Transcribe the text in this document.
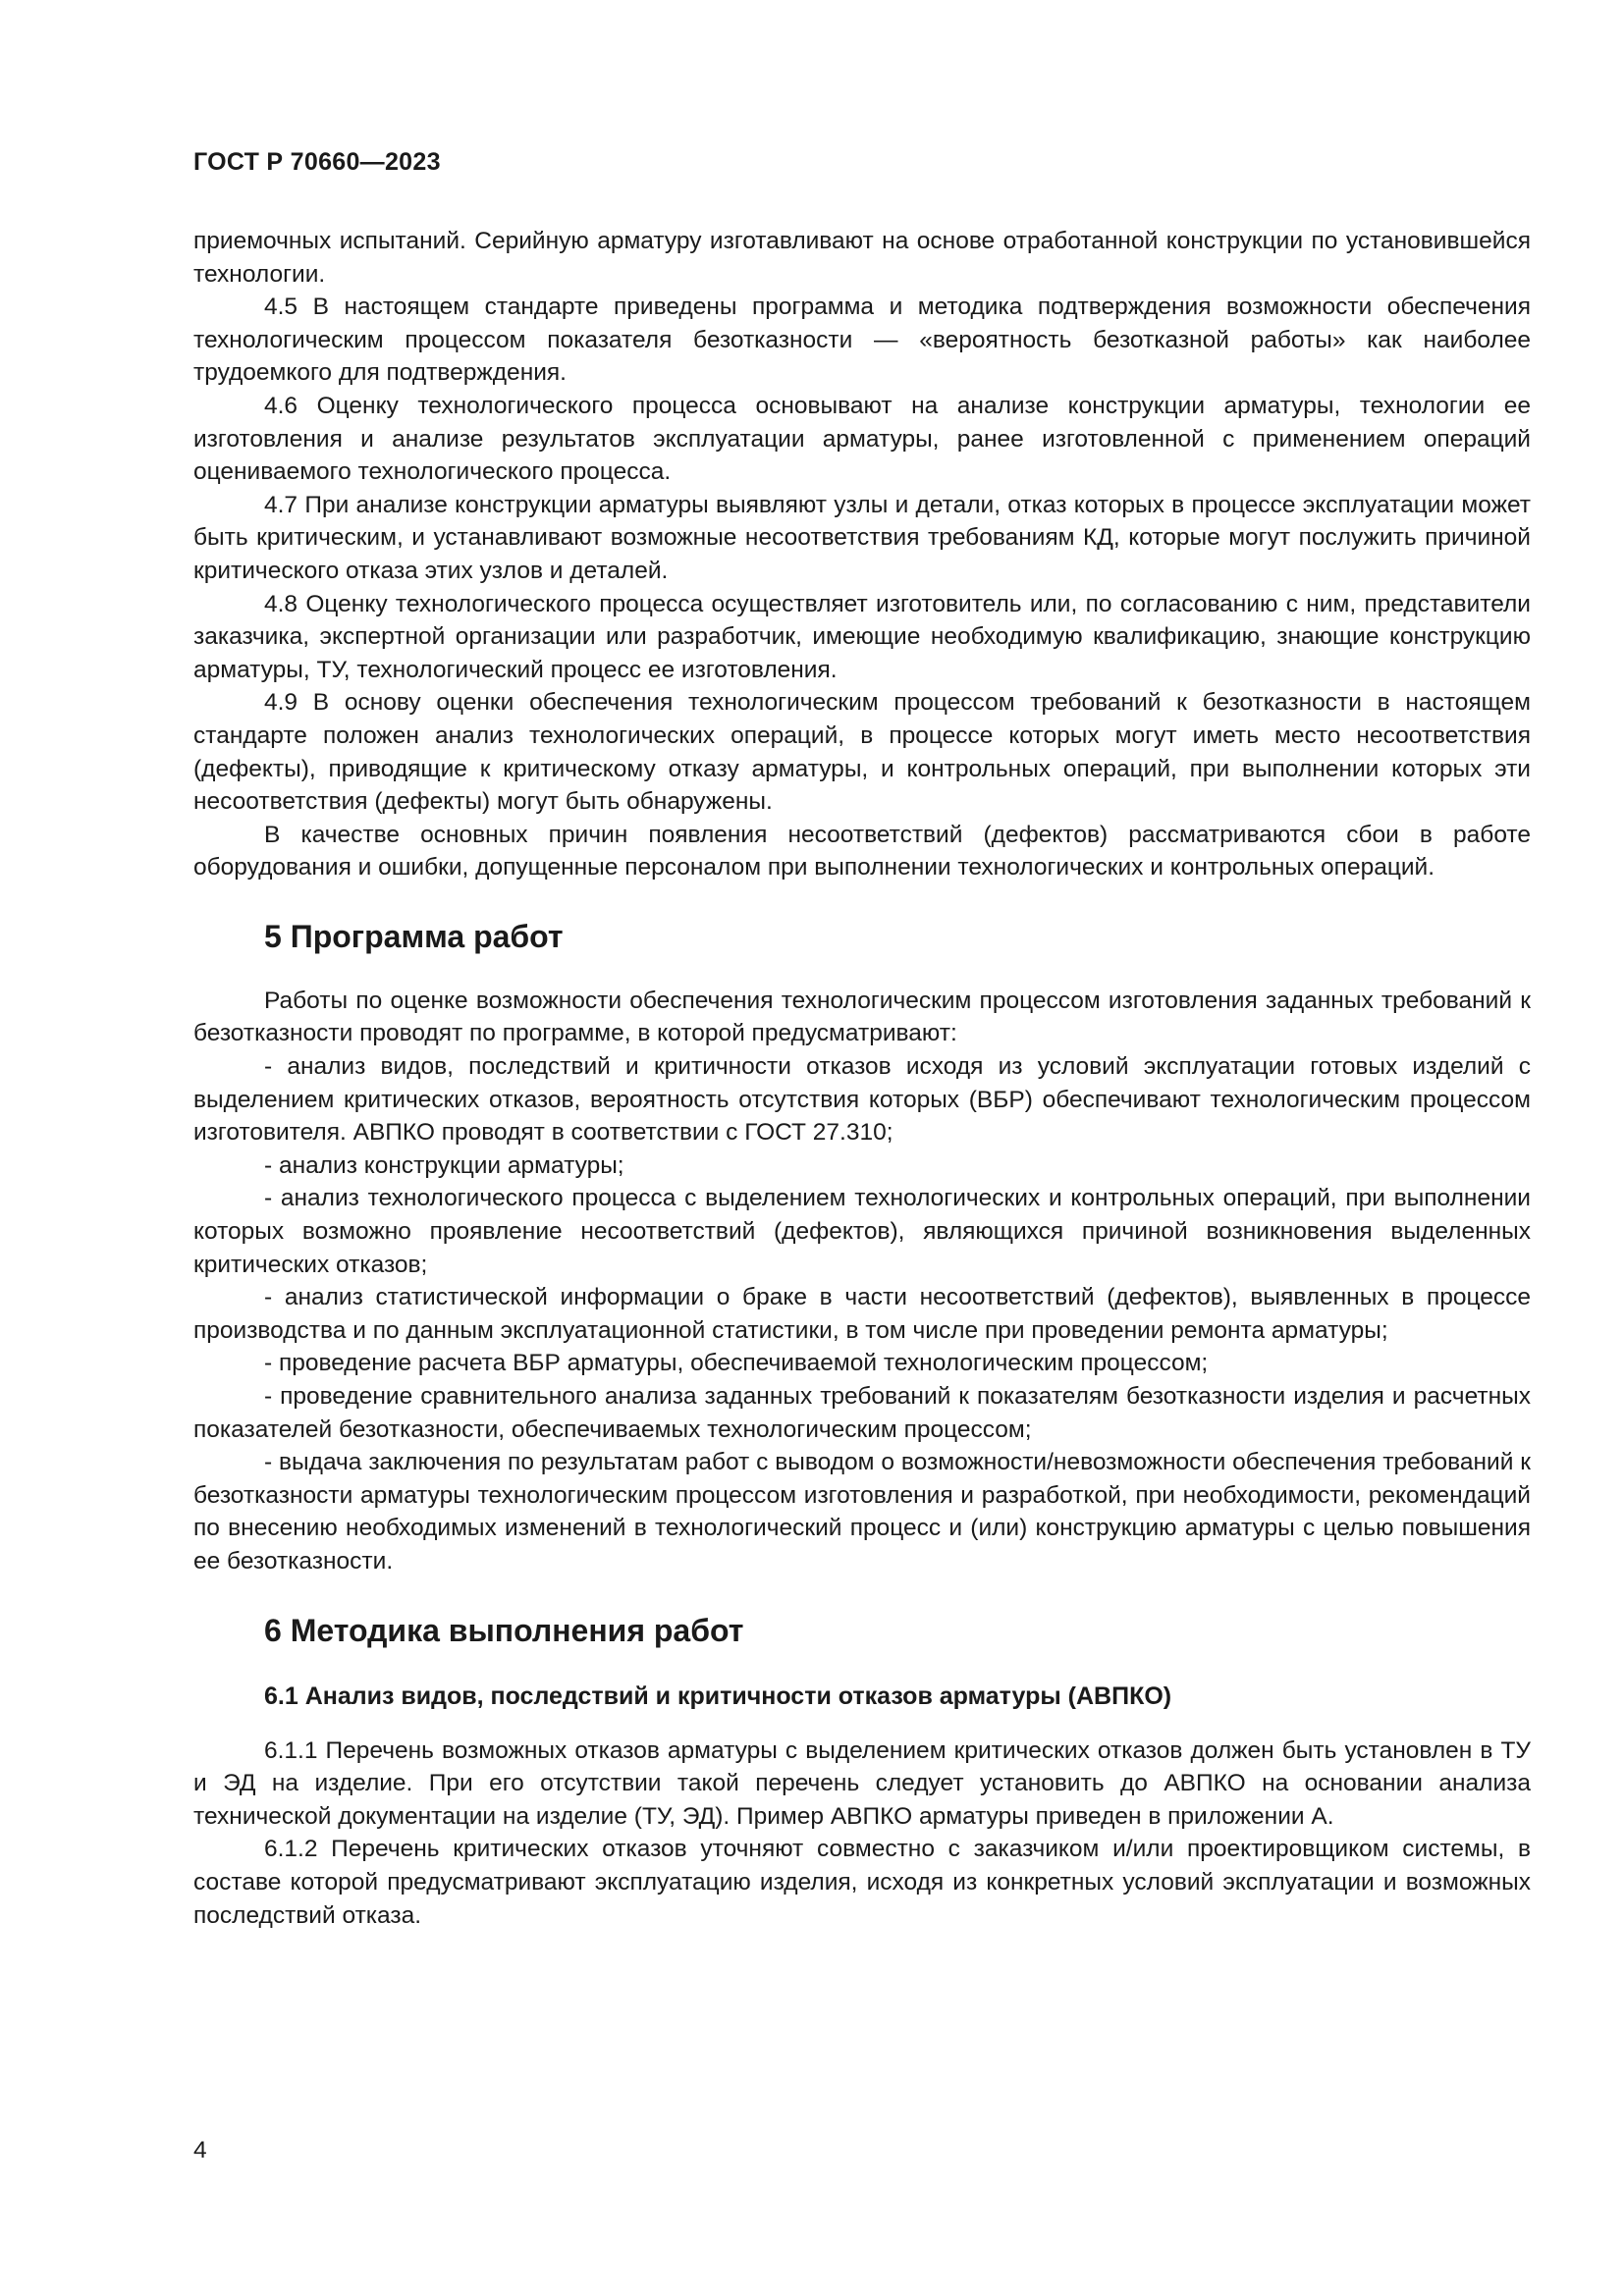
ГОСТ Р 70660—2023

приемочных испытаний. Серийную арматуру изготавливают на основе отработанной конструкции по установившейся технологии.

4.5 В настоящем стандарте приведены программа и методика подтверждения возможности обеспечения технологическим процессом показателя безотказности — «вероятность безотказной работы» как наиболее трудоемкого для подтверждения.

4.6 Оценку технологического процесса основывают на анализе конструкции арматуры, технологии ее изготовления и анализе результатов эксплуатации арматуры, ранее изготовленной с применением операций оцениваемого технологического процесса.

4.7 При анализе конструкции арматуры выявляют узлы и детали, отказ которых в процессе эксплуатации может быть критическим, и устанавливают возможные несоответствия требованиям КД, которые могут послужить причиной критического отказа этих узлов и деталей.

4.8 Оценку технологического процесса осуществляет изготовитель или, по согласованию с ним, представители заказчика, экспертной организации или разработчик, имеющие необходимую квалификацию, знающие конструкцию арматуры, ТУ, технологический процесс ее изготовления.

4.9 В основу оценки обеспечения технологическим процессом требований к безотказности в настоящем стандарте положен анализ технологических операций, в процессе которых могут иметь место несоответствия (дефекты), приводящие к критическому отказу арматуры, и контрольных операций, при выполнении которых эти несоответствия (дефекты) могут быть обнаружены.

В качестве основных причин появления несоответствий (дефектов) рассматриваются сбои в работе оборудования и ошибки, допущенные персоналом при выполнении технологических и контрольных операций.

5 Программа работ

Работы по оценке возможности обеспечения технологическим процессом изготовления заданных требований к безотказности проводят по программе, в которой предусматривают:

- анализ видов, последствий и критичности отказов исходя из условий эксплуатации готовых изделий с выделением критических отказов, вероятность отсутствия которых (ВБР) обеспечивают технологическим процессом изготовителя. АВПКО проводят в соответствии с ГОСТ 27.310;

- анализ конструкции арматуры;

- анализ технологического процесса с выделением технологических и контрольных операций, при выполнении которых возможно проявление несоответствий (дефектов), являющихся причиной возникновения выделенных критических отказов;

- анализ статистической информации о браке в части несоответствий (дефектов), выявленных в процессе производства и по данным эксплуатационной статистики, в том числе при проведении ремонта арматуры;

- проведение расчета ВБР арматуры, обеспечиваемой технологическим процессом;

- проведение сравнительного анализа заданных требований к показателям безотказности изделия и расчетных показателей безотказности, обеспечиваемых технологическим процессом;

- выдача заключения по результатам работ с выводом о возможности/невозможности обеспечения требований к безотказности арматуры технологическим процессом изготовления и разработкой, при необходимости, рекомендаций по внесению необходимых изменений в технологический процесс и (или) конструкцию арматуры с целью повышения ее безотказности.

6 Методика выполнения работ
6.1 Анализ видов, последствий и критичности отказов арматуры (АВПКО)

6.1.1 Перечень возможных отказов арматуры с выделением критических отказов должен быть установлен в ТУ и ЭД на изделие. При его отсутствии такой перечень следует установить до АВПКО на основании анализа технической документации на изделие (ТУ, ЭД). Пример АВПКО арматуры приведен в приложении А.

6.1.2 Перечень критических отказов уточняют совместно с заказчиком и/или проектировщиком системы, в составе которой предусматривают эксплуатацию изделия, исходя из конкретных условий эксплуатации и возможных последствий отказа.

4
